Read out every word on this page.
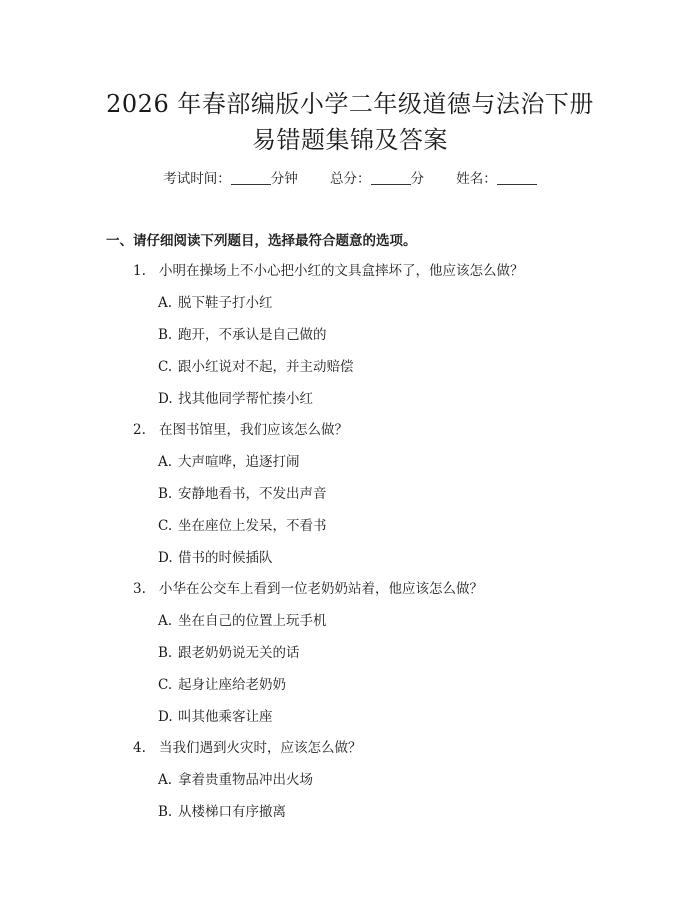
2026 年春部编版小学二年级道德与法治下册
易错题集锦及答案
考试时间：	分钟 总分：	分 姓名：
一、请仔细阅读下列题目，选择最符合题意的选项。
1. 小明在操场上不小心把小红的文具盒摔坏了，他应该怎么做？
A. 脱下鞋子打小红
B. 跑开，不承认是自己做的
C. 跟小红说对不起，并主动赔偿
D. 找其他同学帮忙揍小红
2. 在图书馆里，我们应该怎么做？
A. 大声喧哗，追逐打闹
B. 安静地看书，不发出声音
C. 坐在座位上发呆，不看书
D. 借书的时候插队
3. 小华在公交车上看到一位老奶奶站着，他应该怎么做？
A. 坐在自己的位置上玩手机
B. 跟老奶奶说无关的话
C. 起身让座给老奶奶
D. 叫其他乘客让座
4. 当我们遇到火灾时，应该怎么做？
A. 拿着贵重物品冲出火场
B. 从楼梯口有序撤离
